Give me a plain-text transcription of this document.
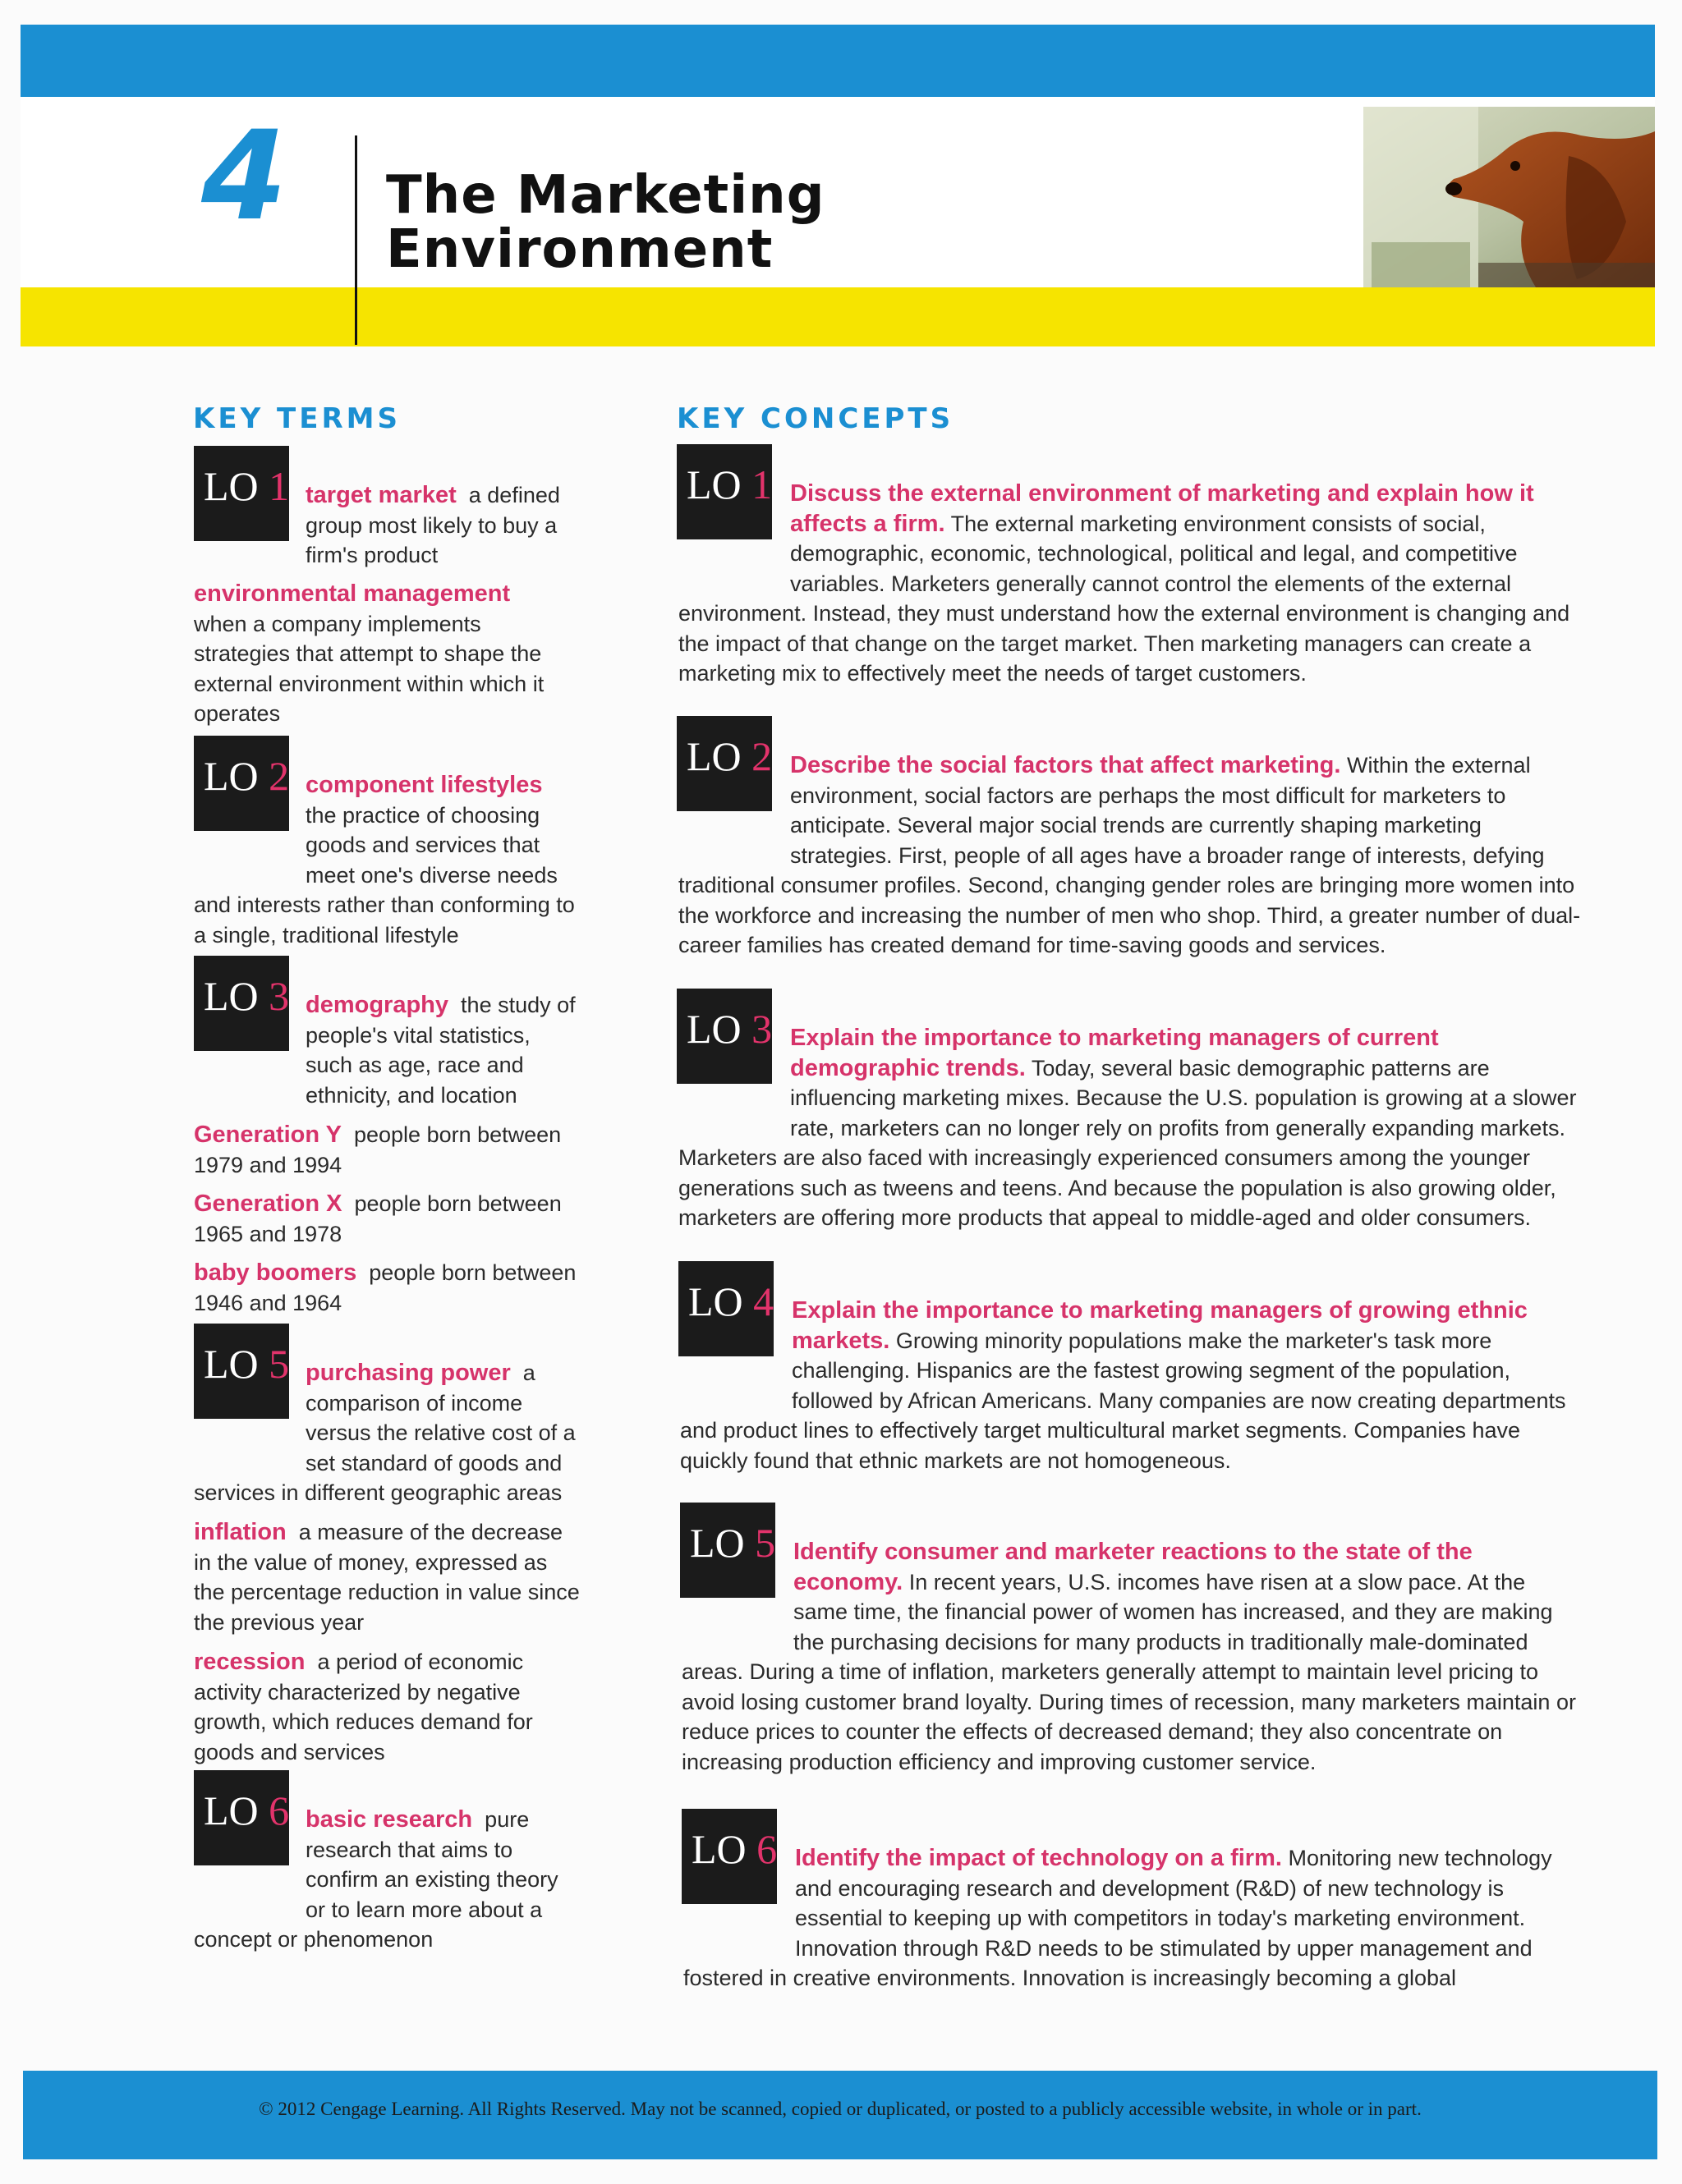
4 The Marketing
Environment
KEY TERMS
LO 1 target market a defined group most likely to buy a firm's product
environmental management
when a company implements strategies that attempt to shape the external environment within which it operates
LO 2 component lifestyles
the practice of choosing goods and services that meet one's diverse needs and interests rather than conforming to a single, traditional lifestyle
LO 3 demography the study of people's vital statistics, such as age, race and ethnicity, and location
Generation Y people born between 1979 and 1994
Generation X people born between 1965 and 1978
baby boomers people born between 1946 and 1964
LO 5 purchasing power a comparison of income versus the relative cost of a set standard of goods and services in different geographic areas
inflation a measure of the decrease in the value of money, expressed as the percentage reduction in value since the previous year
recession a period of economic activity characterized by negative growth, which reduces demand for goods and services
LO 6 basic research pure research that aims to confirm an existing theory or to learn more about a concept or phenomenon
KEY CONCEPTS
LO 1 Discuss the external environment of marketing and explain how it affects a firm. The external marketing environment consists of social, demographic, economic, technological, political and legal, and competitive variables. Marketers generally cannot control the elements of the external environment. Instead, they must understand how the external environment is changing and the impact of that change on the target market. Then marketing managers can create a marketing mix to effectively meet the needs of target customers.
LO 2 Describe the social factors that affect marketing. Within the external environment, social factors are perhaps the most difficult for marketers to anticipate. Several major social trends are currently shaping marketing strategies. First, people of all ages have a broader range of interests, defying traditional consumer profiles. Second, changing gender roles are bringing more women into the workforce and increasing the number of men who shop. Third, a greater number of dual-career families has created demand for time-saving goods and services.
LO 3 Explain the importance to marketing managers of current demographic trends. Today, several basic demographic patterns are influencing marketing mixes. Because the U.S. population is growing at a slower rate, marketers can no longer rely on profits from generally expanding markets. Marketers are also faced with increasingly experienced consumers among the younger generations such as tweens and teens. And because the population is also growing older, marketers are offering more products that appeal to middle-aged and older consumers.
LO 4 Explain the importance to marketing managers of growing ethnic markets. Growing minority populations make the marketer's task more challenging. Hispanics are the fastest growing segment of the population, followed by African Americans. Many companies are now creating departments and product lines to effectively target multicultural market segments. Companies have quickly found that ethnic markets are not homogeneous.
LO 5 Identify consumer and marketer reactions to the state of the economy. In recent years, U.S. incomes have risen at a slow pace. At the same time, the financial power of women has increased, and they are making the purchasing decisions for many products in traditionally male-dominated areas. During a time of inflation, marketers generally attempt to maintain level pricing to avoid losing customer brand loyalty. During times of recession, many marketers maintain or reduce prices to counter the effects of decreased demand; they also concentrate on increasing production efficiency and improving customer service.
LO 6 Identify the impact of technology on a firm. Monitoring new technology and encouraging research and development (R&D) of new technology is essential to keeping up with competitors in today's marketing environment. Innovation through R&D needs to be stimulated by upper management and fostered in creative environments. Innovation is increasingly becoming a global
© 2012 Cengage Learning. All Rights Reserved. May not be scanned, copied or duplicated, or posted to a publicly accessible website, in whole or in part.
